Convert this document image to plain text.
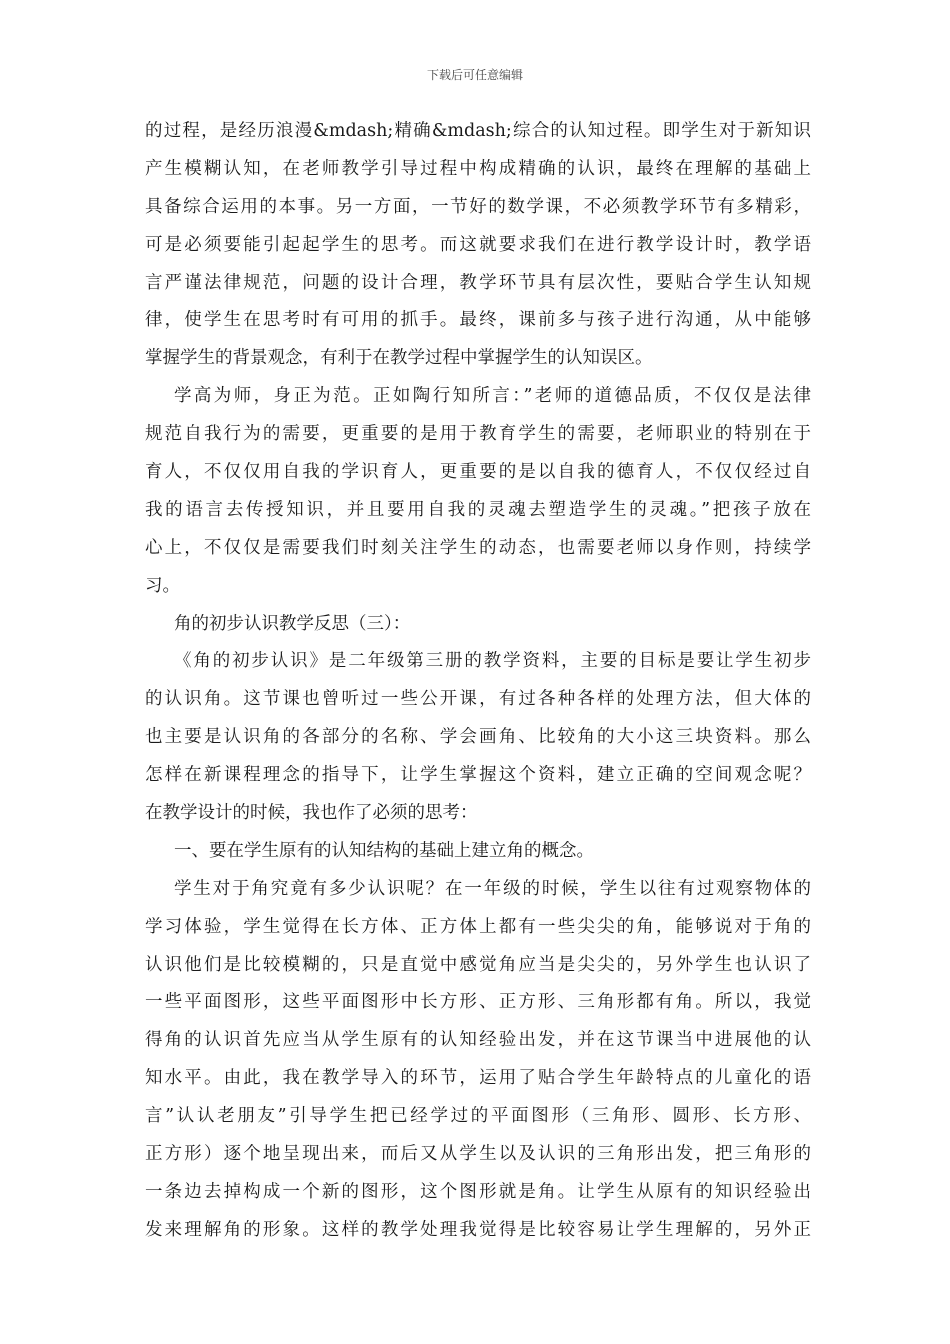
下载后可任意编辑
的过程，是经历浪漫&mdash;精确&mdash;综合的认知过程。即学生对于新知识
产生模糊认知，在老师教学引导过程中构成精确的认识，最终在理解的基础上
具备综合运用的本事。另一方面，一节好的数学课，不必须教学环节有多精彩，
可是必须要能引起起学生的思考。而这就要求我们在进行教学设计时，教学语
言严谨法律规范，问题的设计合理，教学环节具有层次性，要贴合学生认知规
律，使学生在思考时有可用的抓手。最终，课前多与孩子进行沟通，从中能够
掌握学生的背景观念，有利于在教学过程中掌握学生的认知误区。
学高为师，身正为范。正如陶行知所言：”老师的道德品质，不仅仅是法律
规范自我行为的需要，更重要的是用于教育学生的需要，老师职业的特别在于
育人，不仅仅用自我的学识育人，更重要的是以自我的德育人，不仅仅经过自
我的语言去传授知识，并且要用自我的灵魂去塑造学生的灵魂。”把孩子放在
心上，不仅仅是需要我们时刻关注学生的动态，也需要老师以身作则，持续学
习。
角的初步认识教学反思（三）：
《角的初步认识》是二年级第三册的教学资料，主要的目标是要让学生初步
的认识角。这节课也曾听过一些公开课，有过各种各样的处理方法，但大体的
也主要是认识角的各部分的名称、学会画角、比较角的大小这三块资料。那么
怎样在新课程理念的指导下，让学生掌握这个资料，建立正确的空间观念呢？
在教学设计的时候，我也作了必须的思考：
一、要在学生原有的认知结构的基础上建立角的概念。
学生对于角究竟有多少认识呢？在一年级的时候，学生以往有过观察物体的
学习体验，学生觉得在长方体、正方体上都有一些尖尖的角，能够说对于角的
认识他们是比较模糊的，只是直觉中感觉角应当是尖尖的，另外学生也认识了
一些平面图形，这些平面图形中长方形、正方形、三角形都有角。所以，我觉
得角的认识首先应当从学生原有的认知经验出发，并在这节课当中进展他的认
知水平。由此，我在教学导入的环节，运用了贴合学生年龄特点的儿童化的语
言”认认老朋友”引导学生把已经学过的平面图形（三角形、圆形、长方形、
正方形）逐个地呈现出来，而后又从学生以及认识的三角形出发，把三角形的
一条边去掉构成一个新的图形，这个图形就是角。让学生从原有的知识经验出
发来理解角的形象。这样的教学处理我觉得是比较容易让学生理解的，另外正
